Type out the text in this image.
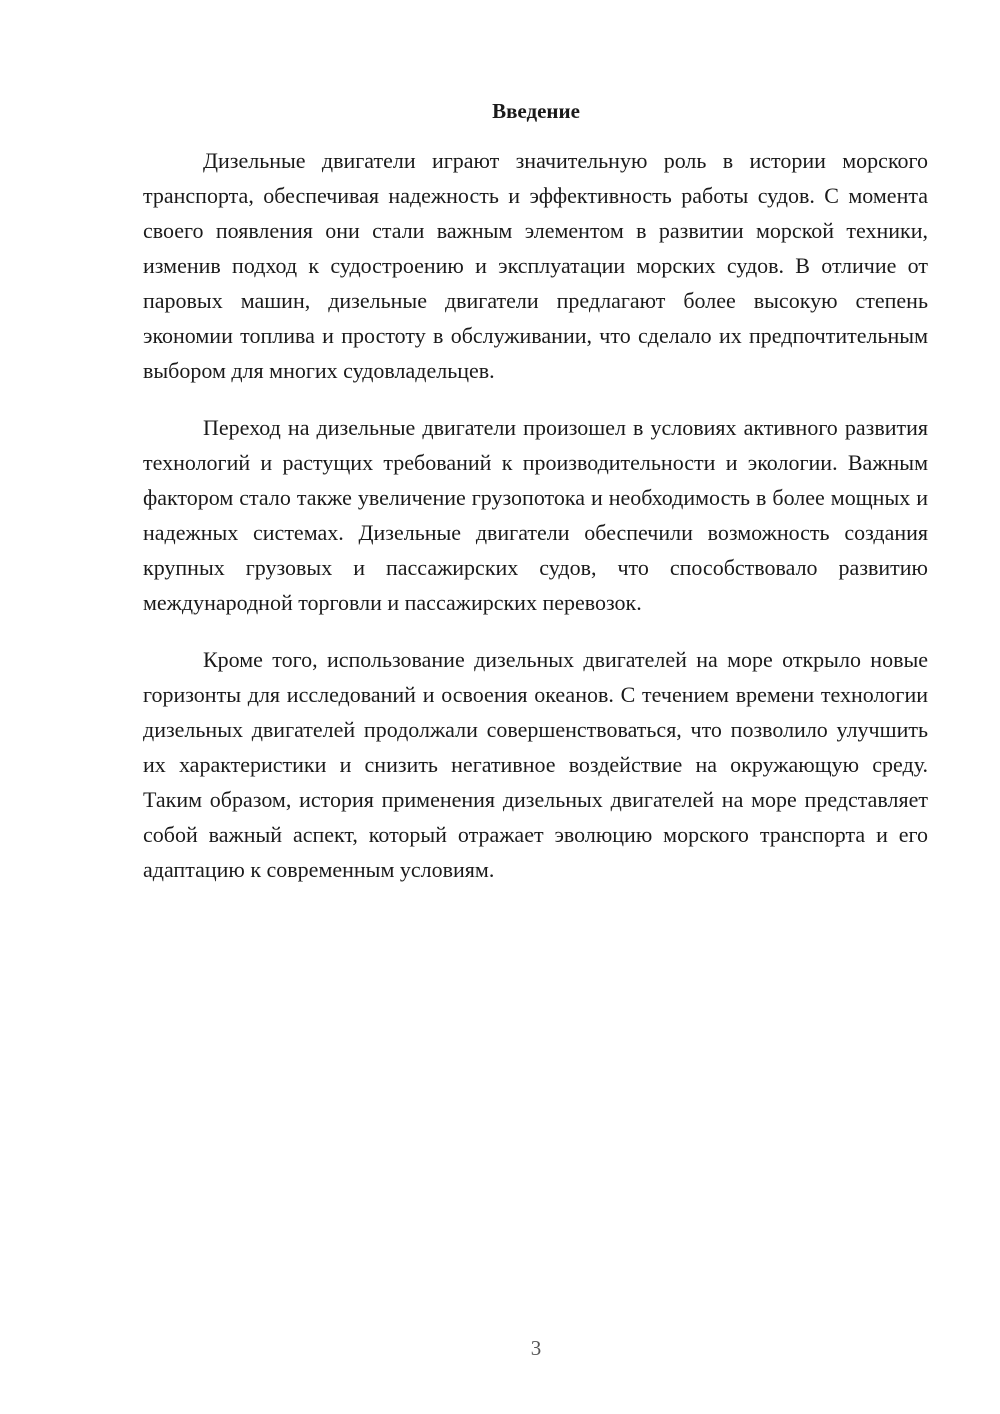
Введение

Дизельные двигатели играют значительную роль в истории морского транспорта, обеспечивая надежность и эффективность работы судов. С момента своего появления они стали важным элементом в развитии морской техники, изменив подход к судостроению и эксплуатации морских судов. В отличие от паровых машин, дизельные двигатели предлагают более высокую степень экономии топлива и простоту в обслуживании, что сделало их предпочтительным выбором для многих судовладельцев.

Переход на дизельные двигатели произошел в условиях активного развития технологий и растущих требований к производительности и экологии. Важным фактором стало также увеличение грузопотока и необходимость в более мощных и надежных системах. Дизельные двигатели обеспечили возможность создания крупных грузовых и пассажирских судов, что способствовало развитию международной торговли и пассажирских перевозок.

Кроме того, использование дизельных двигателей на море открыло новые горизонты для исследований и освоения океанов. С течением времени технологии дизельных двигателей продолжали совершенствоваться, что позволило улучшить их характеристики и снизить негативное воздействие на окружающую среду. Таким образом, история применения дизельных двигателей на море представляет собой важный аспект, который отражает эволюцию морского транспорта и его адаптацию к современным условиям.

3
